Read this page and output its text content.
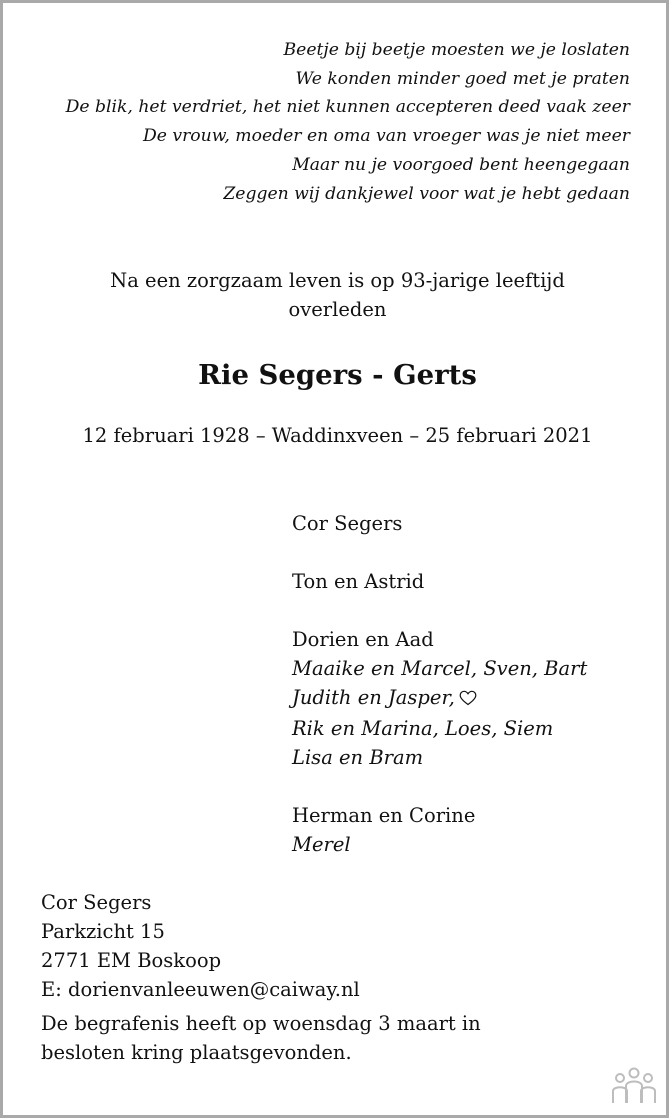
Beetje bij beetje moesten we je loslaten
We konden minder goed met je praten
De blik, het verdriet, het niet kunnen accepteren deed vaak zeer
De vrouw, moeder en oma van vroeger was je niet meer
Maar nu je voorgoed bent heengegaan
Zeggen wij dankjewel voor wat je hebt gedaan
Na een zorgzaam leven is op 93-jarige leeftijd
overleden
Rie Segers - Gerts
12 februari 1928 – Waddinxveen – 25 februari 2021
Cor Segers
Ton en Astrid
Dorien en Aad
Maaike en Marcel, Sven, Bart
Judith en Jasper,
Rik en Marina, Loes, Siem
Lisa en Bram
Herman en Corine
Merel
Cor Segers
Parkzicht 15
2771 EM Boskoop
E: dorienvanleeuwen@caiway.nl
De begrafenis heeft op woensdag 3 maart in
besloten kring plaatsgevonden.
